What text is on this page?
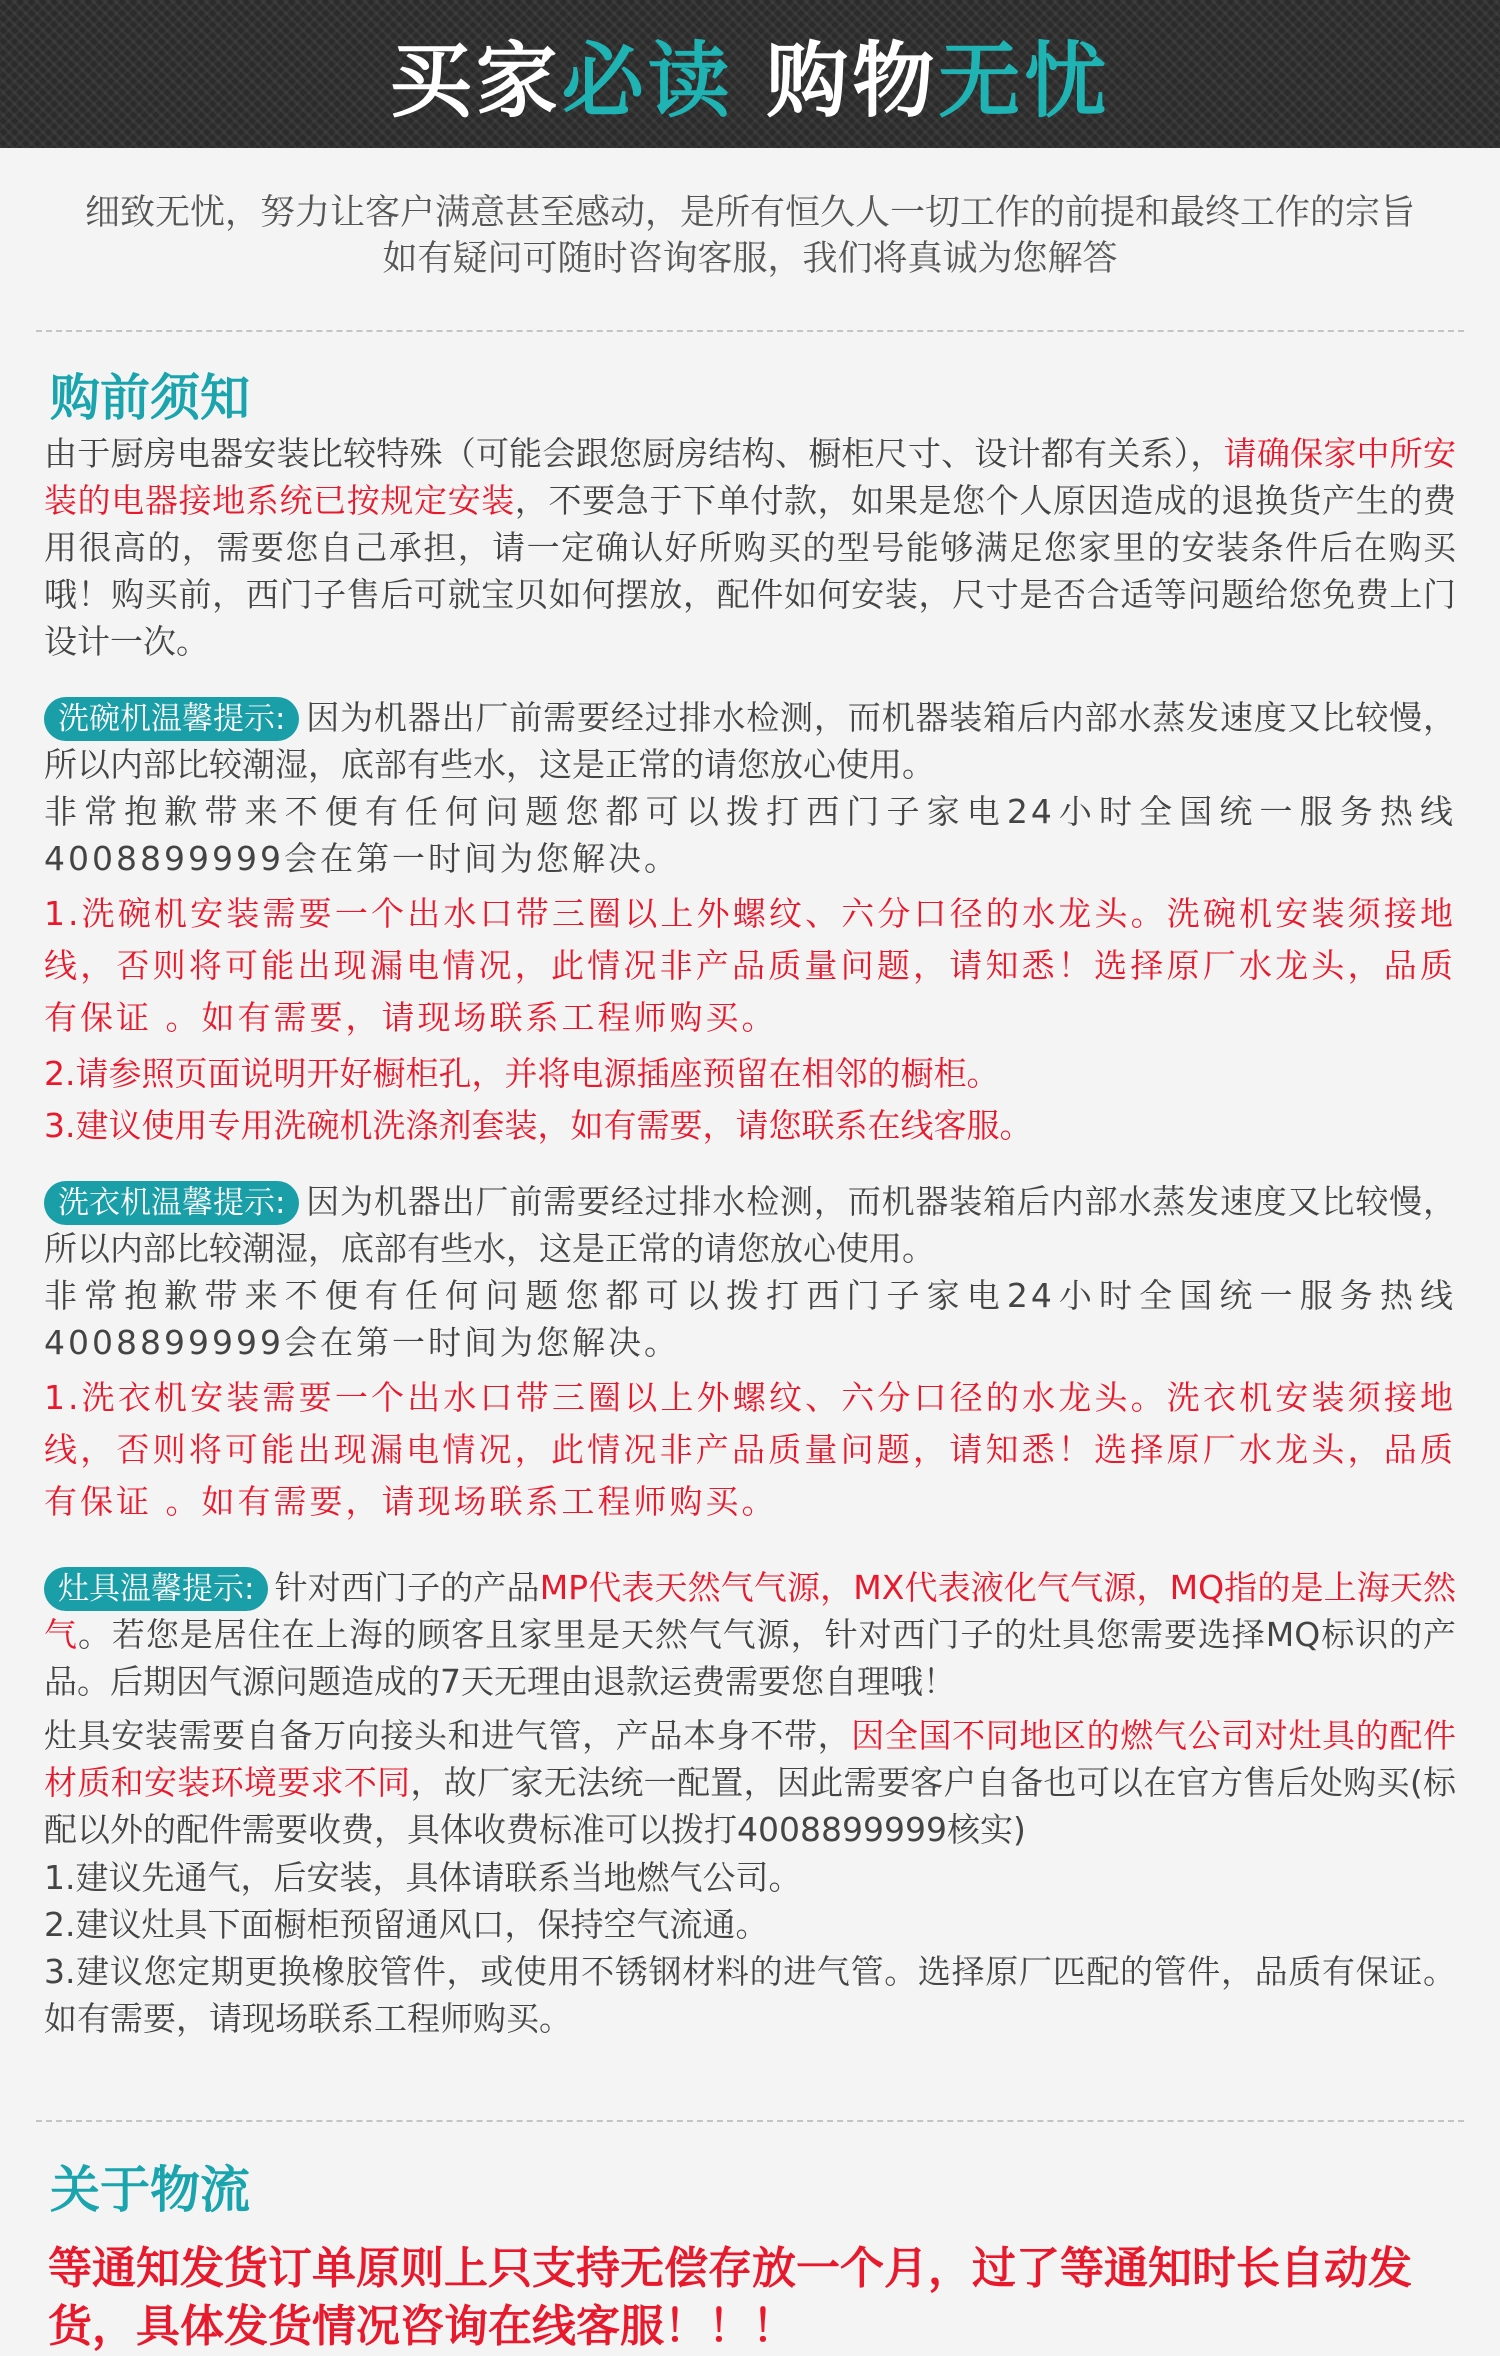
买家必读 购物无忧
细致无忧，努力让客户满意甚至感动，是所有恒久人一切工作的前提和最终工作的宗旨
如有疑问可随时咨询客服，我们将真诚为您解答
购前须知
由于厨房电器安装比较特殊（可能会跟您厨房结构、橱柜尺寸、设计都有关系），请确保家中所安装的电器接地系统已按规定安装，不要急于下单付款，如果是您个人原因造成的退换货产生的费用很高的，需要您自己承担，请一定确认好所购买的型号能够满足您家里的安装条件后在购买哦！购买前，西门子售后可就宝贝如何摆放，配件如何安装，尺寸是否合适等问题给您免费上门设计一次。
洗碗机温馨提示: 因为机器出厂前需要经过排水检测，而机器装箱后内部水蒸发速度又比较慢，所以内部比较潮湿，底部有些水，这是正常的请您放心使用。
非常抱歉带来不便有任何问题您都可以拨打西门子家电24小时全国统一服务热线4008899999会在第一时间为您解决。
1.洗碗机安装需要一个出水口带三圈以上外螺纹、六分口径的水龙头。洗碗机安装须接地线，否则将可能出现漏电情况，此情况非产品质量问题，请知悉！选择原厂水龙头，品质有保证 。如有需要，请现场联系工程师购买。
2.请参照页面说明开好橱柜孔，并将电源插座预留在相邻的橱柜。
3.建议使用专用洗碗机洗涤剂套装，如有需要，请您联系在线客服。
洗衣机温馨提示: 因为机器出厂前需要经过排水检测，而机器装箱后内部水蒸发速度又比较慢，所以内部比较潮湿，底部有些水，这是正常的请您放心使用。
非常抱歉带来不便有任何问题您都可以拨打西门子家电24小时全国统一服务热线4008899999会在第一时间为您解决。
1.洗衣机安装需要一个出水口带三圈以上外螺纹、六分口径的水龙头。洗衣机安装须接地线，否则将可能出现漏电情况，此情况非产品质量问题，请知悉！选择原厂水龙头，品质有保证 。如有需要，请现场联系工程师购买。
灶具温馨提示: 针对西门子的产品MP代表天然气气源，MX代表液化气气源，MQ指的是上海天然气。若您是居住在上海的顾客且家里是天然气气源，针对西门子的灶具您需要选择MQ标识的产品。后期因气源问题造成的7天无理由退款运费需要您自理哦！
灶具安装需要自备万向接头和进气管，产品本身不带，因全国不同地区的燃气公司对灶具的配件材质和安装环境要求不同，故厂家无法统一配置，因此需要客户自备也可以在官方售后处购买(标配以外的配件需要收费，具体收费标准可以拨打4008899999核实)
1.建议先通气，后安装，具体请联系当地燃气公司。
2.建议灶具下面橱柜预留通风口，保持空气流通。
3.建议您定期更换橡胶管件，或使用不锈钢材料的进气管。选择原厂匹配的管件，品质有保证。如有需要，请现场联系工程师购买。
关于物流
等通知发货订单原则上只支持无偿存放一个月，过了等通知时长自动发货，具体发货情况咨询在线客服！！！
